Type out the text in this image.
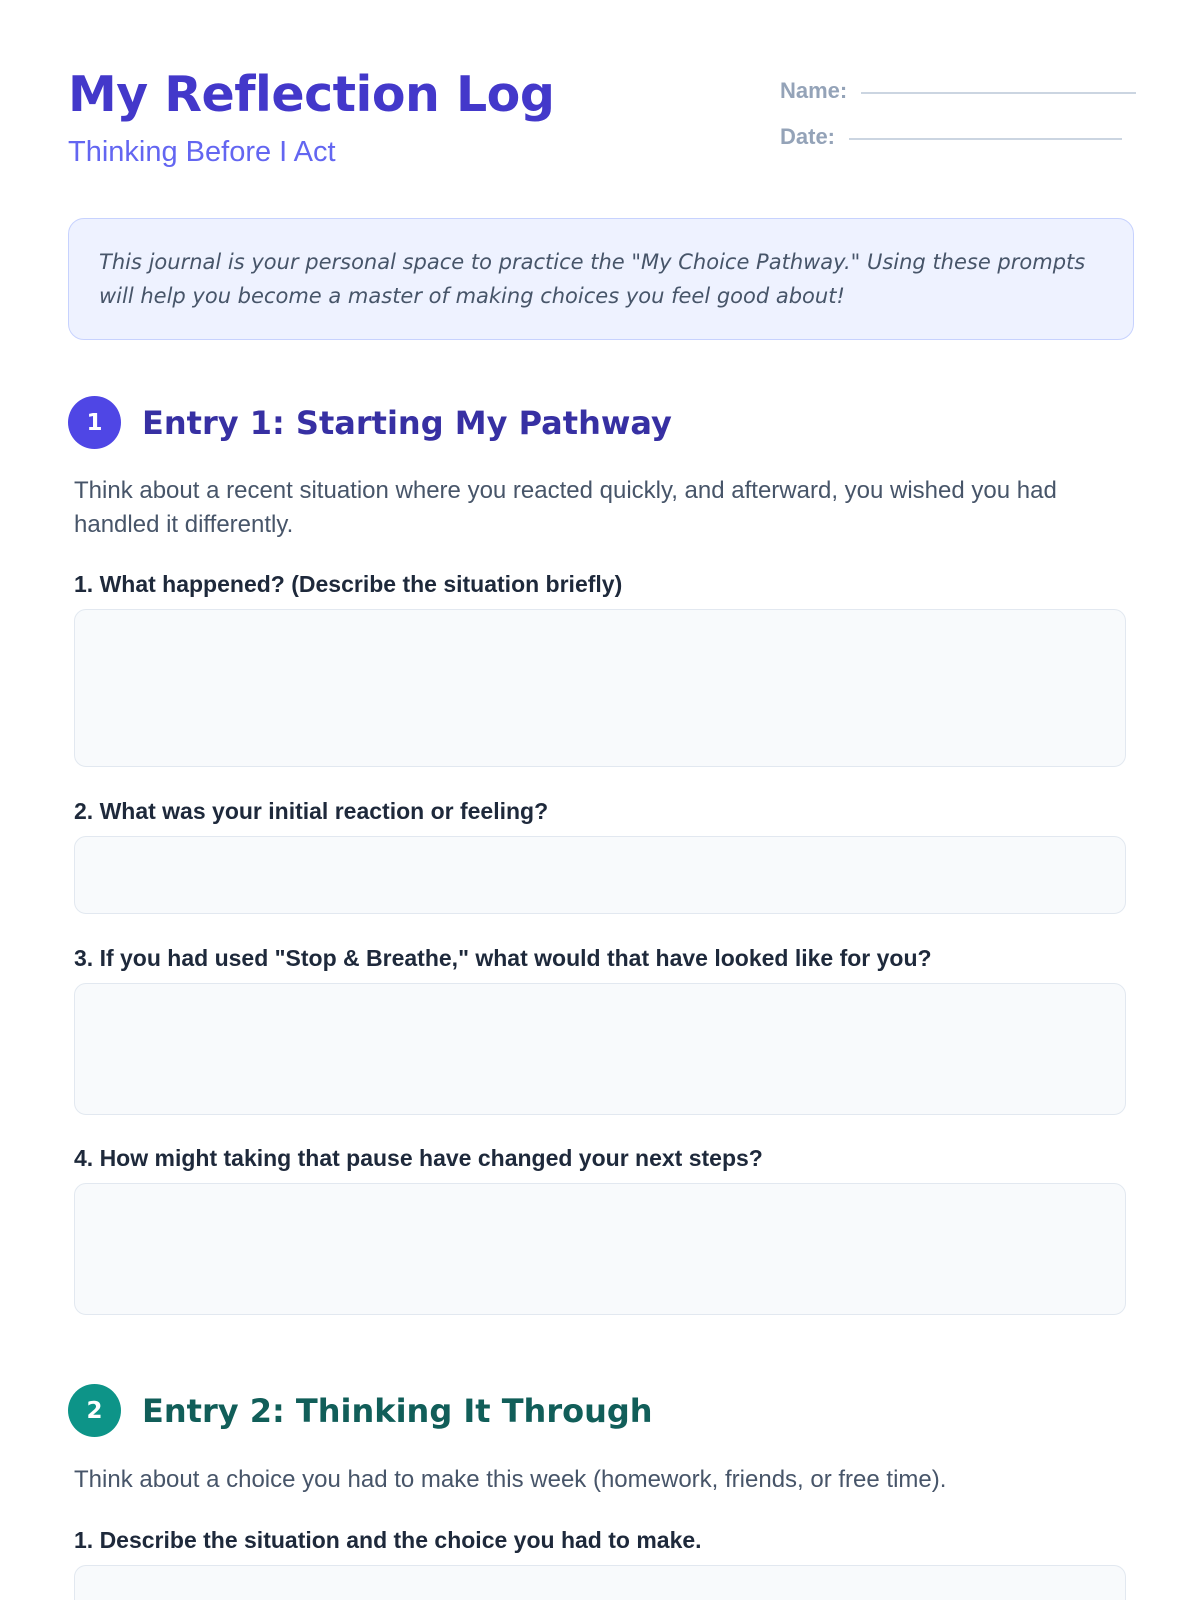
My Reflection Log

Thinking Before I Act

Name:
Date:
This journal is your personal space to practice the "My Choice Pathway." Using these prompts will help you become a master of making choices you feel good about!
1	Entry 1: Starting My Pathway

Think about a recent situation where you reacted quickly, and afterward, you wished you had handled it differently.

1. What happened? (Describe the situation briefly)

2. What was your initial reaction or feeling?

3. If you had used "Stop & Breathe," what would that have looked like for you?

4. How might taking that pause have changed your next steps?

2	Entry 2: Thinking It Through

Think about a choice you had to make this week (homework, friends, or free time).

1. Describe the situation and the choice you had to make.
